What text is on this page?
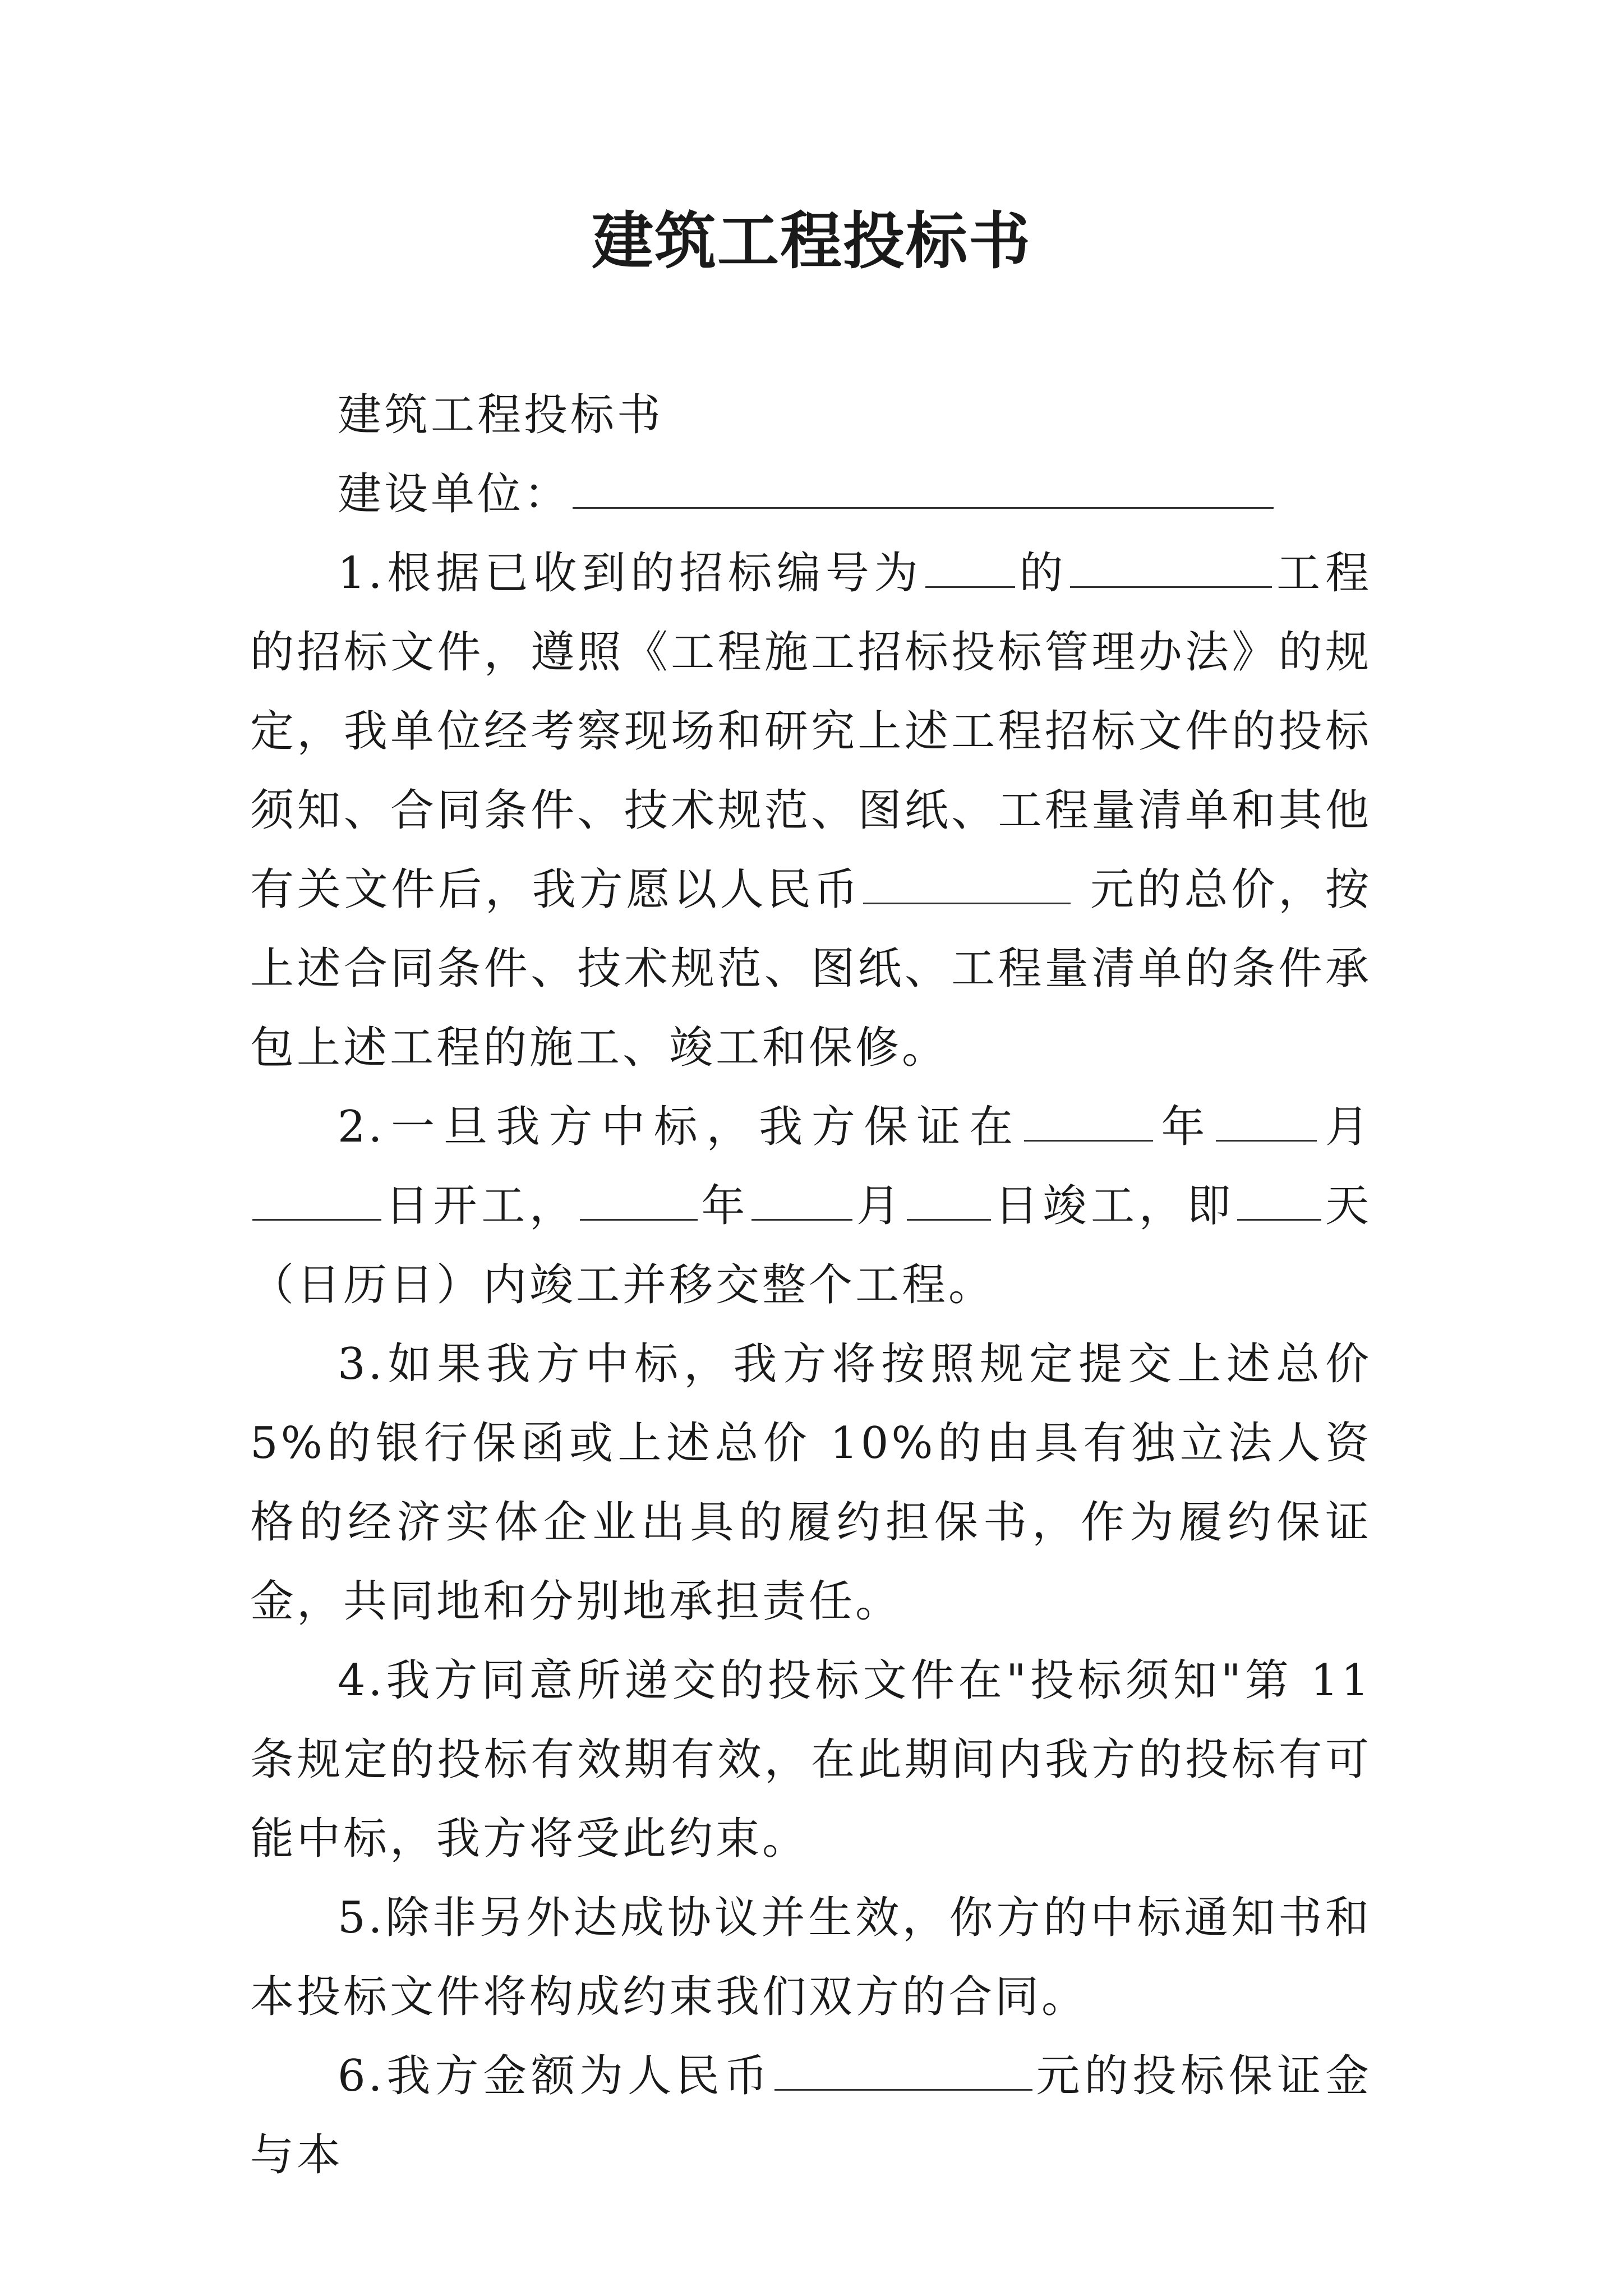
建筑工程投标书

建筑工程投标书

建设单位：

1.根据已收到的招标编号为 的	工程的招标文件，遵照《工程施工招标投标管理办法》的规定，我单位经考察现场和研究上述工程招标文件的投标须知、合同条件、技术规范、图纸、工程量清单和其他有关文件后，我方愿以人民币	元的总价，按上述合同条件、技术规范、图纸、工程量清单的条件承包上述工程的施工、竣工和保修。

2.一旦我方中标，我方保证在	年 月日开工，	年 月 日竣工，即 天（日历日）内竣工并移交整个工程。

3.如果我方中标，我方将按照规定提交上述总价 5%的银行保函或上述总价 10%的由具有独立法人资格的经济实体企业出具的履约担保书，作为履约保证金，共同地和分别地承担责任。

4.我方同意所递交的投标文件在"投标须知"第 11 条规定的投标有效期有效，在此期间内我方的投标有可能中标，我方将受此约束。

5.除非另外达成协议并生效，你方的中标通知书和本投标文件将构成约束我们双方的合同。

6.我方金额为人民币	元的投标保证金与本
